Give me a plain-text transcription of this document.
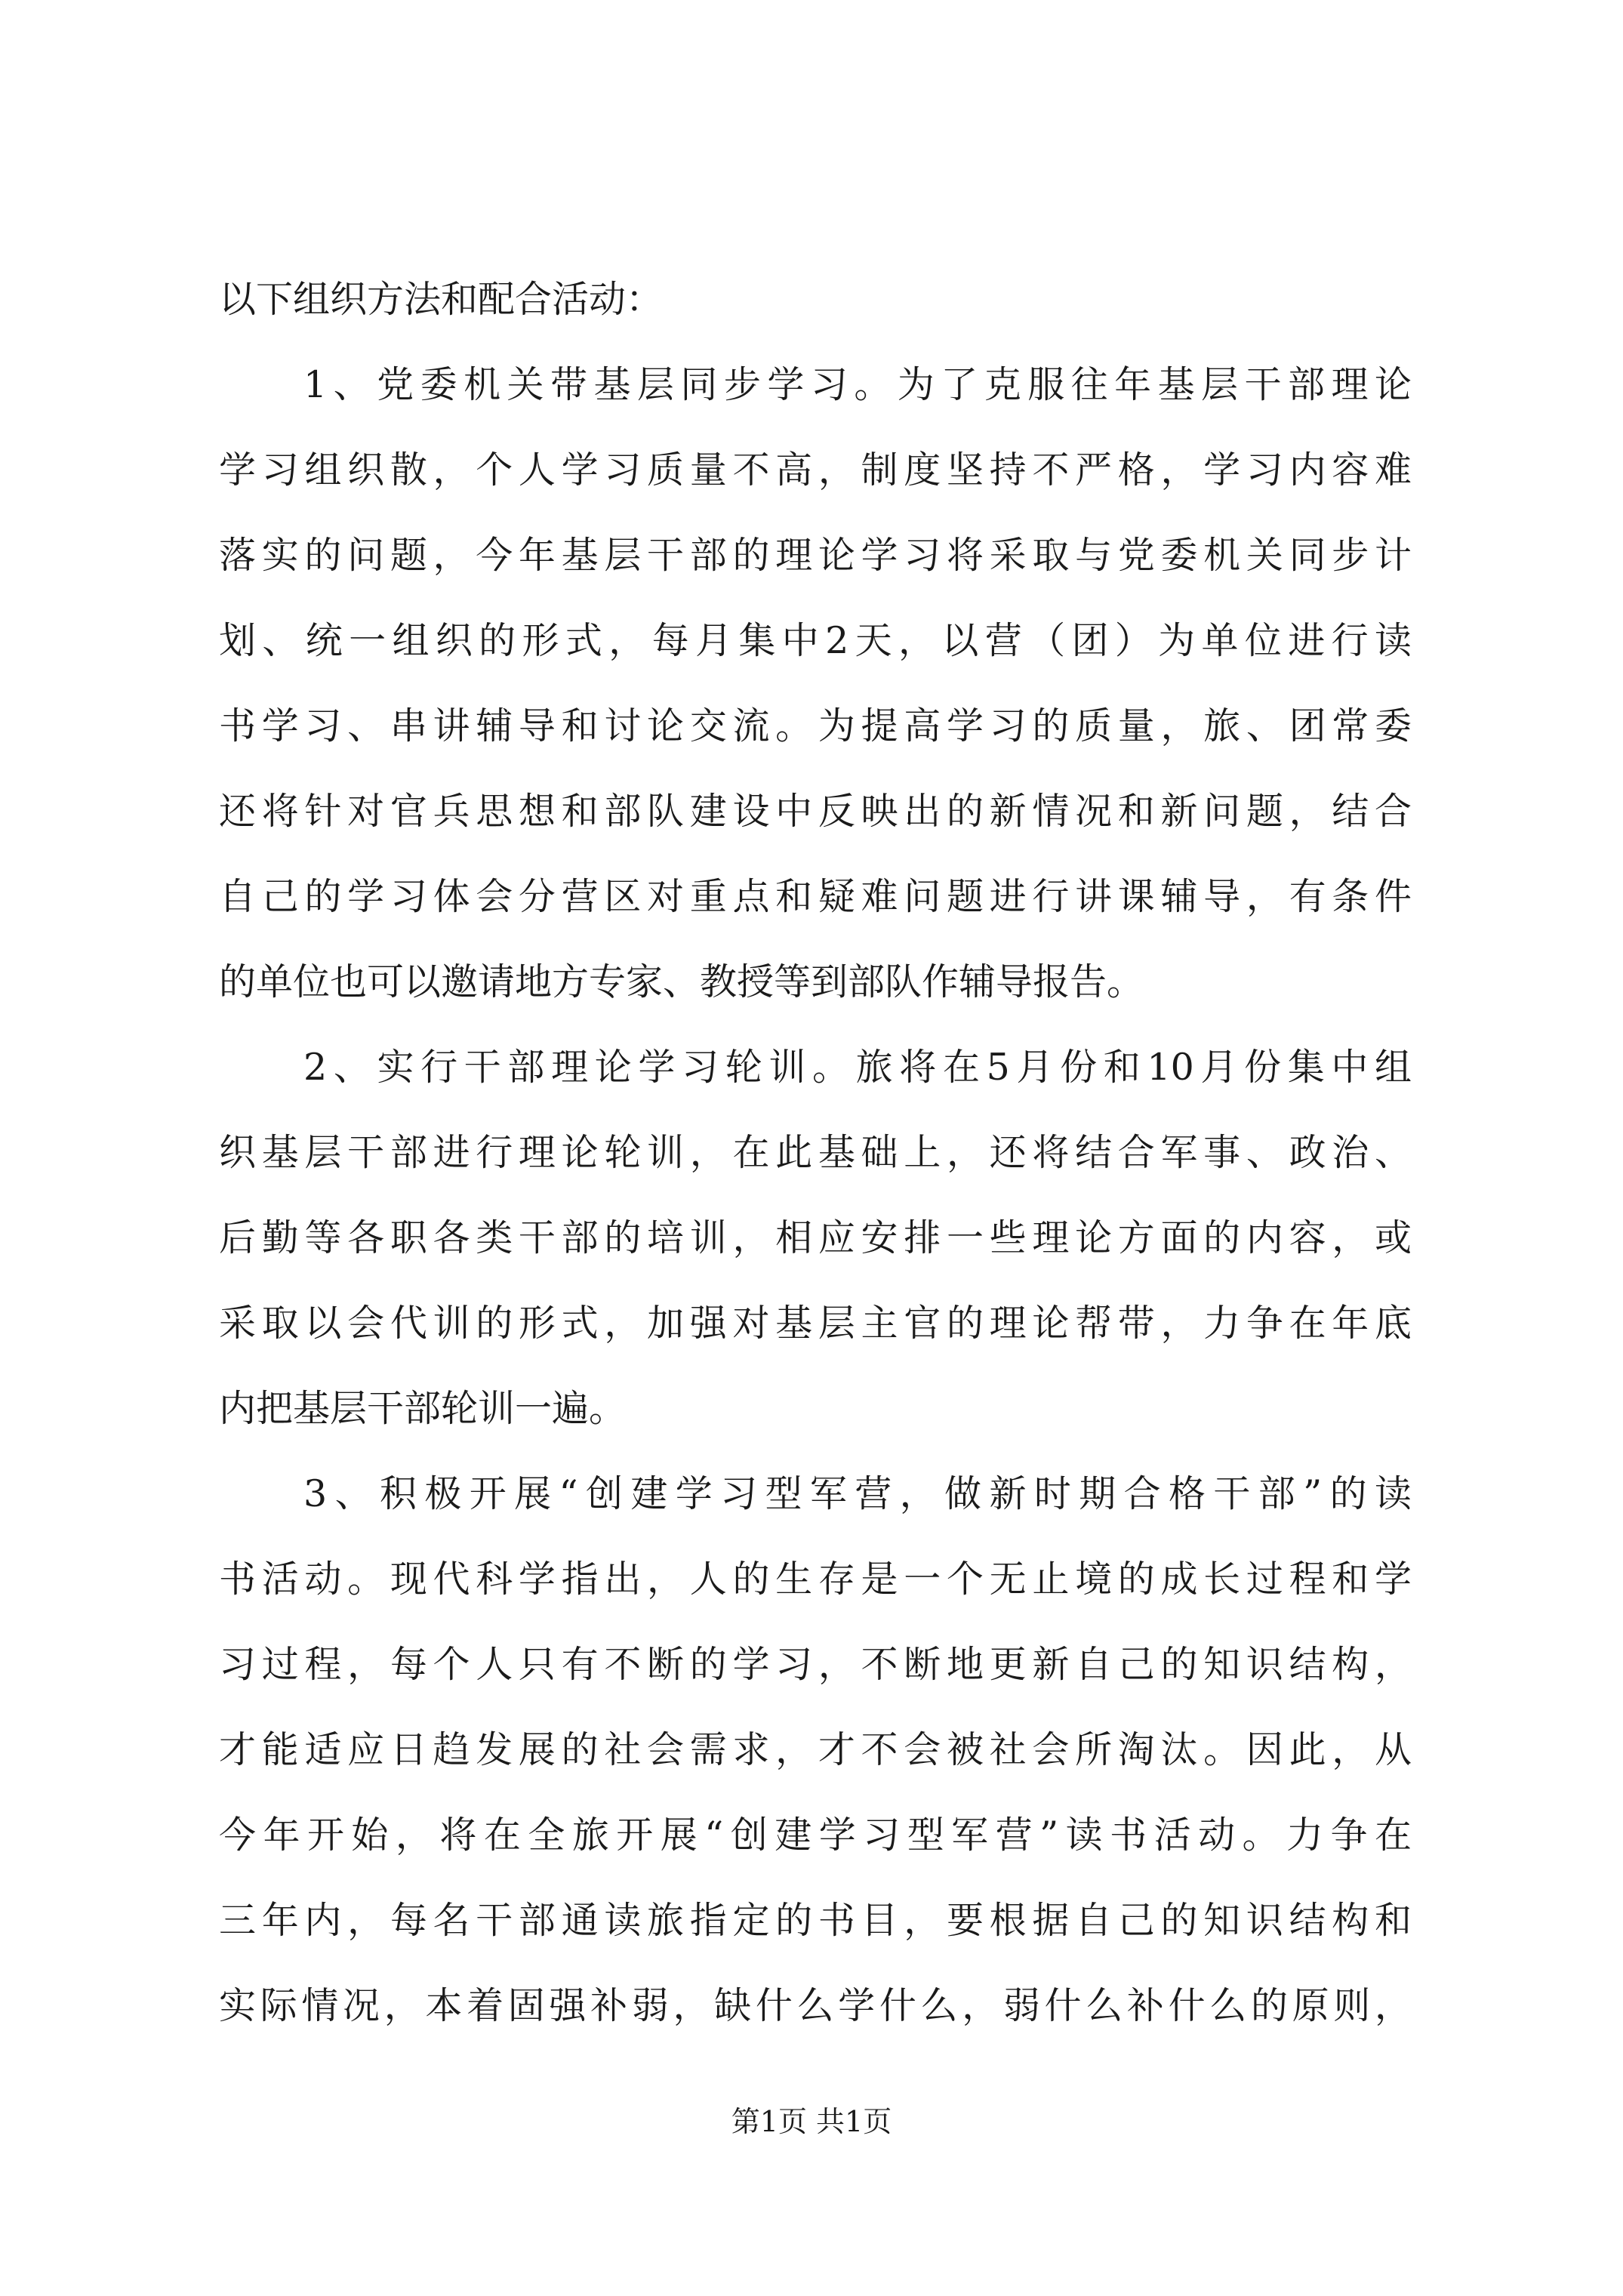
以下组织方法和配合活动：
1、党委机关带基层同步学习。为了克服往年基层干部理论
学习组织散，个人学习质量不高，制度坚持不严格，学习内容难
落实的问题，今年基层干部的理论学习将采取与党委机关同步计
划、统一组织的形式，每月集中2天，以营（团）为单位进行读
书学习、串讲辅导和讨论交流。为提高学习的质量，旅、团常委
还将针对官兵思想和部队建设中反映出的新情况和新问题，结合
自己的学习体会分营区对重点和疑难问题进行讲课辅导，有条件
的单位也可以邀请地方专家、教授等到部队作辅导报告。
2、实行干部理论学习轮训。旅将在5月份和10月份集中组
织基层干部进行理论轮训，在此基础上，还将结合军事、政治、
后勤等各职各类干部的培训，相应安排一些理论方面的内容，或
采取以会代训的形式，加强对基层主官的理论帮带，力争在年底
内把基层干部轮训一遍。
3、积极开展“创建学习型军营，做新时期合格干部”的读
书活动。现代科学指出，人的生存是一个无止境的成长过程和学
习过程，每个人只有不断的学习，不断地更新自己的知识结构，
才能适应日趋发展的社会需求，才不会被社会所淘汰。因此，从
今年开始，将在全旅开展“创建学习型军营”读书活动。力争在
三年内，每名干部通读旅指定的书目，要根据自己的知识结构和
实际情况，本着固强补弱，缺什么学什么，弱什么补什么的原则，
第1页 共1页
